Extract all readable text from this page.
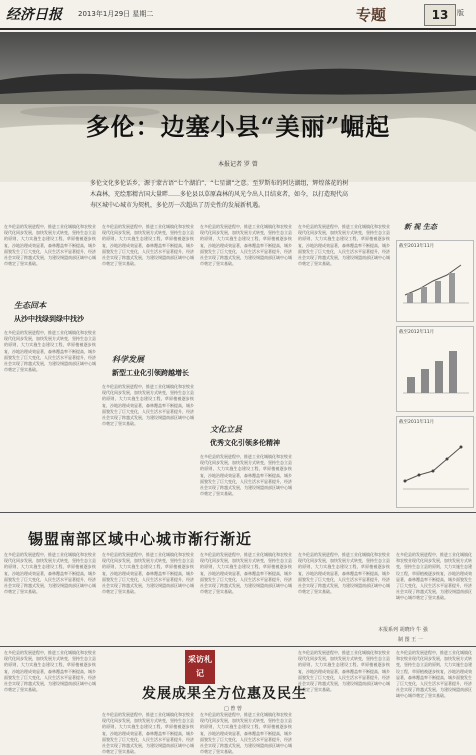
经济日报 2013年1月29日 星期二	专题	13	版
多伦：边塞小县“美丽”崛起
本报记者 罗 曾
多伦文化多伦话乡，源于蒙古语“七个湖泊”、“七星湖”之意。至罗斯布的阿达湖组，辉煌落花的树木森林，充绘那精古国大量畔……多伦县以草原森林的风光令出人目结束者，如今，以打造现代高寿区城中心城市为契机，多伦历一次超出了历史性的发展新机遇。
在多伦县的发展进程中，推进工业化城镇化和农牧业现代化同步发展，加快发展方式转变，坚持生态立县的原则，大力实施生态建设工程，草原植被逐步恢复，沙地治理成效显著，森林覆盖率不断提高，城乡面貌发生了巨大变化，人民生活水平显著提升，经济社会实现了跨越式发展，为建设锡盟南部区域中心城市奠定了坚实基础。
生态回本
从沙中找绿到绿中找沙
在多伦县的发展进程中，推进工业化城镇化和农牧业现代化同步发展，加快发展方式转变，坚持生态立县的原则，大力实施生态建设工程，草原植被逐步恢复，沙地治理成效显著，森林覆盖率不断提高，城乡面貌发生了巨大变化，人民生活水平显著提升，经济社会实现了跨越式发展，为建设锡盟南部区域中心城市奠定了坚实基础。
在多伦县的发展进程中，推进工业化城镇化和农牧业现代化同步发展，加快发展方式转变，坚持生态立县的原则，大力实施生态建设工程，草原植被逐步恢复，沙地治理成效显著，森林覆盖率不断提高，城乡面貌发生了巨大变化，人民生活水平显著提升，经济社会实现了跨越式发展，为建设锡盟南部区域中心城市奠定了坚实基础。
科学发展
新型工业化引领跨越增长
在多伦县的发展进程中，推进工业化城镇化和农牧业现代化同步发展，加快发展方式转变，坚持生态立县的原则，大力实施生态建设工程，草原植被逐步恢复，沙地治理成效显著，森林覆盖率不断提高，城乡面貌发生了巨大变化，人民生活水平显著提升，经济社会实现了跨越式发展，为建设锡盟南部区域中心城市奠定了坚实基础。
在多伦县的发展进程中，推进工业化城镇化和农牧业现代化同步发展，加快发展方式转变，坚持生态立县的原则，大力实施生态建设工程，草原植被逐步恢复，沙地治理成效显著，森林覆盖率不断提高，城乡面貌发生了巨大变化，人民生活水平显著提升，经济社会实现了跨越式发展，为建设锡盟南部区域中心城市奠定了坚实基础。
文化立县
优秀文化引领多伦精神
在多伦县的发展进程中，推进工业化城镇化和农牧业现代化同步发展，加快发展方式转变，坚持生态立县的原则，大力实施生态建设工程，草原植被逐步恢复，沙地治理成效显著，森林覆盖率不断提高，城乡面貌发生了巨大变化，人民生活水平显著提升，经济社会实现了跨越式发展，为建设锡盟南部区域中心城市奠定了坚实基础。
在多伦县的发展进程中，推进工业化城镇化和农牧业现代化同步发展，加快发展方式转变，坚持生态立县的原则，大力实施生态建设工程，草原植被逐步恢复，沙地治理成效显著，森林覆盖率不断提高，城乡面貌发生了巨大变化，人民生活水平显著提升，经济社会实现了跨越式发展，为建设锡盟南部区域中心城市奠定了坚实基础。
新 视 生态
截至2013年11月
截至2012年11月
截至2011年11月
锡盟南部区域中心城市渐行渐近
在多伦县的发展进程中，推进工业化城镇化和农牧业现代化同步发展，加快发展方式转变，坚持生态立县的原则，大力实施生态建设工程，草原植被逐步恢复，沙地治理成效显著，森林覆盖率不断提高，城乡面貌发生了巨大变化，人民生活水平显著提升，经济社会实现了跨越式发展，为建设锡盟南部区域中心城市奠定了坚实基础。
在多伦县的发展进程中，推进工业化城镇化和农牧业现代化同步发展，加快发展方式转变，坚持生态立县的原则，大力实施生态建设工程，草原植被逐步恢复，沙地治理成效显著，森林覆盖率不断提高，城乡面貌发生了巨大变化，人民生活水平显著提升，经济社会实现了跨越式发展，为建设锡盟南部区域中心城市奠定了坚实基础。
在多伦县的发展进程中，推进工业化城镇化和农牧业现代化同步发展，加快发展方式转变，坚持生态立县的原则，大力实施生态建设工程，草原植被逐步恢复，沙地治理成效显著，森林覆盖率不断提高，城乡面貌发生了巨大变化，人民生活水平显著提升，经济社会实现了跨越式发展，为建设锡盟南部区域中心城市奠定了坚实基础。
在多伦县的发展进程中，推进工业化城镇化和农牧业现代化同步发展，加快发展方式转变，坚持生态立县的原则，大力实施生态建设工程，草原植被逐步恢复，沙地治理成效显著，森林覆盖率不断提高，城乡面貌发生了巨大变化，人民生活水平显著提升，经济社会实现了跨越式发展，为建设锡盟南部区域中心城市奠定了坚实基础。
在多伦县的发展进程中，推进工业化城镇化和农牧业现代化同步发展，加快发展方式转变，坚持生态立县的原则，大力实施生态建设工程，草原植被逐步恢复，沙地治理成效显著，森林覆盖率不断提高，城乡面貌发生了巨大变化，人民生活水平显著提升，经济社会实现了跨越式发展，为建设锡盟南部区域中心城市奠定了坚实基础。
本报系列 胡晓玲 牛 强
制 图 王 一
在多伦县的发展进程中，推进工业化城镇化和农牧业现代化同步发展，加快发展方式转变，坚持生态立县的原则，大力实施生态建设工程，草原植被逐步恢复，沙地治理成效显著，森林覆盖率不断提高，城乡面貌发生了巨大变化，人民生活水平显著提升，经济社会实现了跨越式发展，为建设锡盟南部区域中心城市奠定了坚实基础。
采访札记
发展成果全方位惠及民生
□ 曾 曾
在多伦县的发展进程中，推进工业化城镇化和农牧业现代化同步发展，加快发展方式转变，坚持生态立县的原则，大力实施生态建设工程，草原植被逐步恢复，沙地治理成效显著，森林覆盖率不断提高，城乡面貌发生了巨大变化，人民生活水平显著提升，经济社会实现了跨越式发展，为建设锡盟南部区域中心城市奠定了坚实基础。
在多伦县的发展进程中，推进工业化城镇化和农牧业现代化同步发展，加快发展方式转变，坚持生态立县的原则，大力实施生态建设工程，草原植被逐步恢复，沙地治理成效显著，森林覆盖率不断提高，城乡面貌发生了巨大变化，人民生活水平显著提升，经济社会实现了跨越式发展，为建设锡盟南部区域中心城市奠定了坚实基础。
在多伦县的发展进程中，推进工业化城镇化和农牧业现代化同步发展，加快发展方式转变，坚持生态立县的原则，大力实施生态建设工程，草原植被逐步恢复，沙地治理成效显著，森林覆盖率不断提高，城乡面貌发生了巨大变化，人民生活水平显著提升，经济社会实现了跨越式发展，为建设锡盟南部区域中心城市奠定了坚实基础。
在多伦县的发展进程中，推进工业化城镇化和农牧业现代化同步发展，加快发展方式转变，坚持生态立县的原则，大力实施生态建设工程，草原植被逐步恢复，沙地治理成效显著，森林覆盖率不断提高，城乡面貌发生了巨大变化，人民生活水平显著提升，经济社会实现了跨越式发展，为建设锡盟南部区域中心城市奠定了坚实基础。
